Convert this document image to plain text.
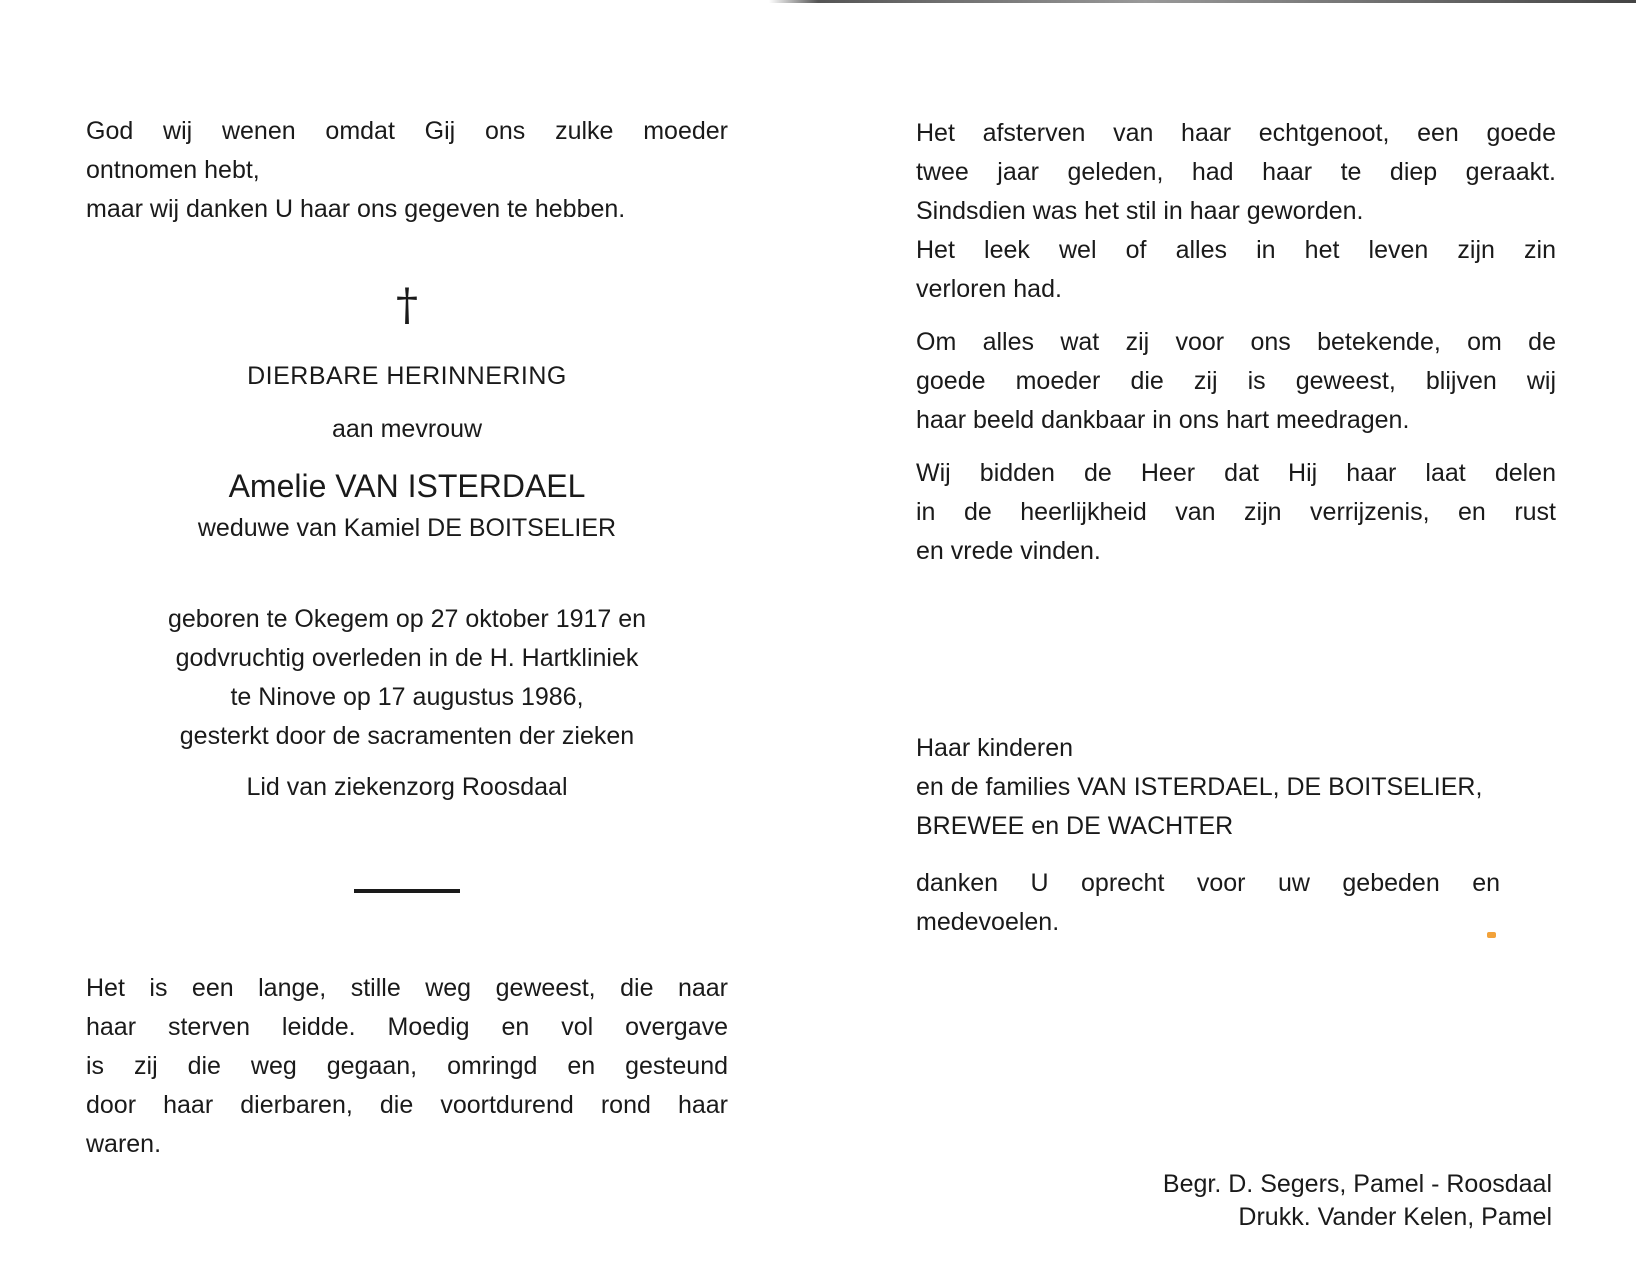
God wij wenen omdat Gij ons zulke moeder

ontnomen hebt,

maar wij danken U haar ons gegeven te hebben.

†
DIERBARE HERINNERING
aan mevrouw
Amelie VAN ISTERDAEL
weduwe van Kamiel DE BOITSELIER
geboren te Okegem op 27 oktober 1917 en
godvruchtig overleden in de H. Hartkliniek
te Ninove op 17 augustus 1986,
gesterkt door de sacramenten der zieken
Lid van ziekenzorg Roosdaal

Het is een lange, stille weg geweest, die naar

haar sterven leidde. Moedig en vol overgave

is zij die weg gegaan, omringd en gesteund

door haar dierbaren, die voortdurend rond haar

waren.

Het afsterven van haar echtgenoot, een goede

twee jaar geleden, had haar te diep geraakt.

Sindsdien was het stil in haar geworden.

Het leek wel of alles in het leven zijn zin

verloren had.

Om alles wat zij voor ons betekende, om de

goede moeder die zij is geweest, blijven wij

haar beeld dankbaar in ons hart meedragen.

Wij bidden de Heer dat Hij haar laat delen

in de heerlijkheid van zijn verrijzenis, en rust

en vrede vinden.

Haar kinderen
en de families VAN ISTERDAEL, DE BOITSELIER,
BREWEE en DE WACHTER

danken U oprecht voor uw gebeden en

medevoelen.

Begr. D. Segers, Pamel - Roosdaal
Drukk. Vander Kelen, Pamel
